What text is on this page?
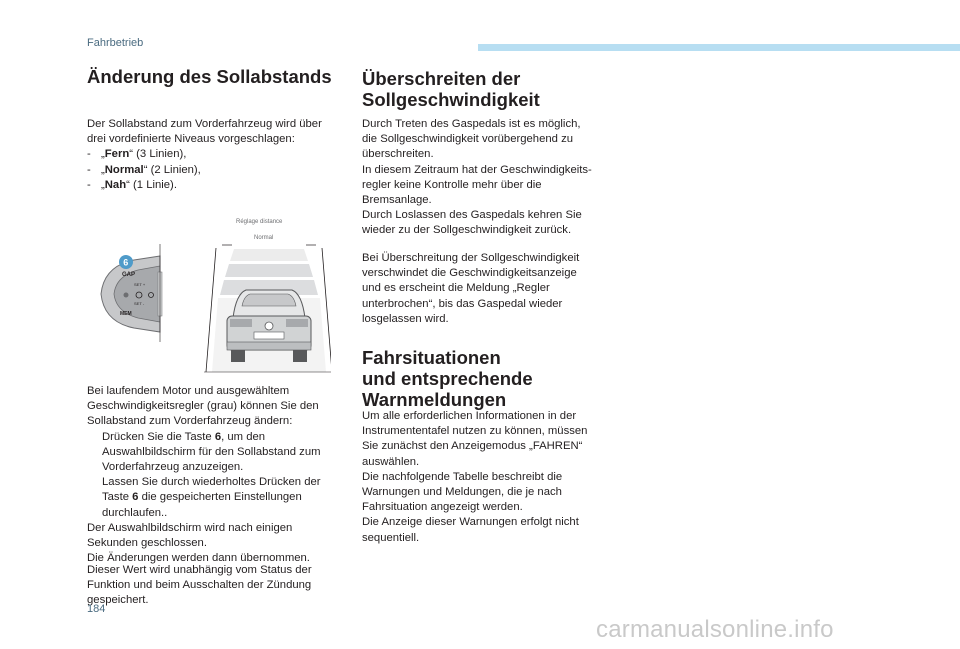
Fahrbetrieb
Änderung des Sollabstands
Der Sollabstand zum Vorderfahrzeug wird über
drei vordefinierte Niveaus vorgeschlagen:
- „Fern“ (3 Linien),
- „Normal“ (2 Linien),
- „Nah“ (1 Linie).
GAP
MEM
SET +
SET -
6
Réglage distance
Normal
Bei laufendem Motor und ausgewähltem
Geschwindigkeitsregler (grau) können Sie den
Sollabstand zum Vorderfahrzeug ändern:
Drücken Sie die Taste 6, um den
Auswahlbildschirm für den Sollabstand zum
Vorderfahrzeug anzuzeigen.
Lassen Sie durch wiederholtes Drücken der
Taste 6 die gespeicherten Einstellungen
durchlaufen..
Der Auswahlbildschirm wird nach einigen
Sekunden geschlossen.
Die Änderungen werden dann übernommen.
Dieser Wert wird unabhängig vom Status der
Funktion und beim Ausschalten der Zündung
gespeichert.
Überschreiten der
Sollgeschwindigkeit
Durch Treten des Gaspedals ist es möglich,
die Sollgeschwindigkeit vorübergehend zu
überschreiten.
In diesem Zeitraum hat der Geschwindigkeits-
regler keine Kontrolle mehr über die
Bremsanlage.
Durch Loslassen des Gaspedals kehren Sie
wieder zu der Sollgeschwindigkeit zurück.
Bei Überschreitung der Sollgeschwindigkeit
verschwindet die Geschwindigkeitsanzeige
und es erscheint die Meldung „Regler
unterbrochen“, bis das Gaspedal wieder
losgelassen wird.
Fahrsituationen
und entsprechende
Warnmeldungen
Um alle erforderlichen Informationen in der
Instrumententafel nutzen zu können, müssen
Sie zunächst den Anzeigemodus „FAHREN“
auswählen.
Die nachfolgende Tabelle beschreibt die
Warnungen und Meldungen, die je nach
Fahrsituation angezeigt werden.
Die Anzeige dieser Warnungen erfolgt nicht
sequentiell.
184
carmanualsonline.info
